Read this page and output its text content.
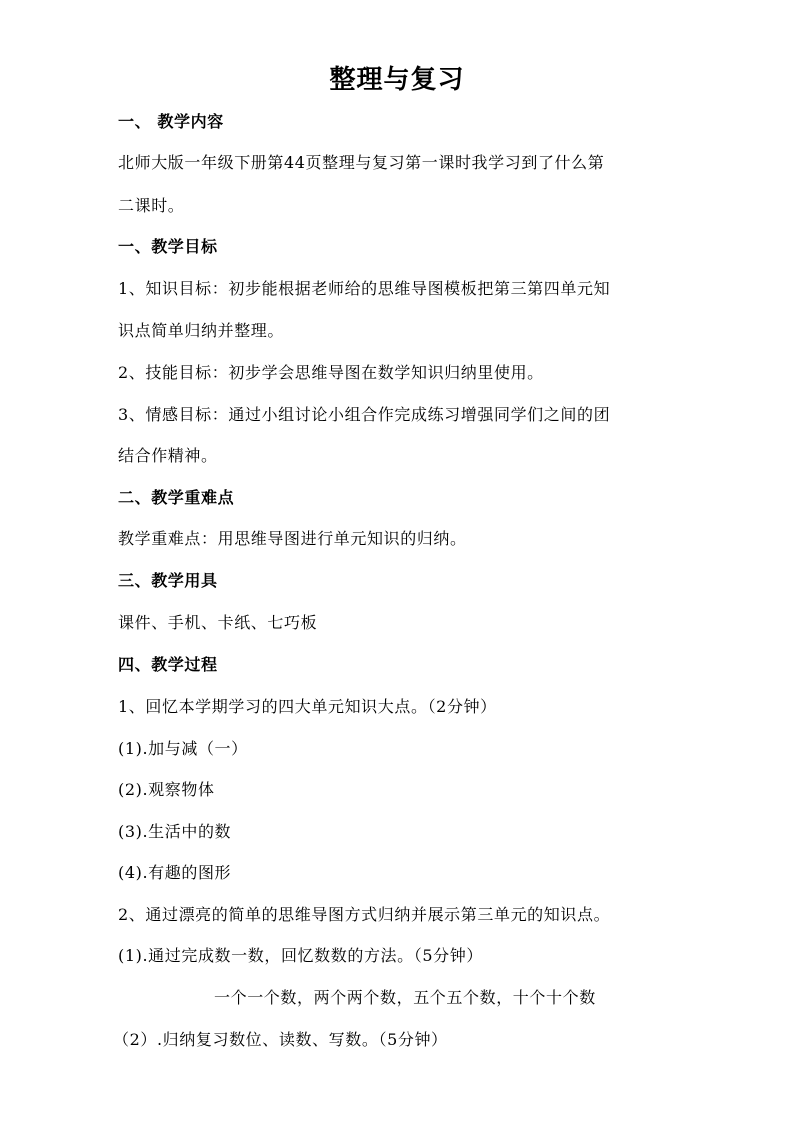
整理与复习
一、 教学内容
北师大版一年级下册第44页整理与复习第一课时我学习到了什么第
二课时。
一、教学目标
1、知识目标：初步能根据老师给的思维导图模板把第三第四单元知
识点简单归纳并整理。
2、技能目标：初步学会思维导图在数学知识归纳里使用。
3、情感目标：通过小组讨论小组合作完成练习增强同学们之间的团
结合作精神。
二、教学重难点
教学重难点：用思维导图进行单元知识的归纳。
三、教学用具
课件、手机、卡纸、七巧板
四、教学过程
1、回忆本学期学习的四大单元知识大点。（2分钟）
(1).加与减（一）
(2).观察物体
(3).生活中的数
(4).有趣的图形
2、通过漂亮的简单的思维导图方式归纳并展示第三单元的知识点。
(1).通过完成数一数，回忆数数的方法。（5分钟）
一个一个数，两个两个数，五个五个数，十个十个数
（2）.归纳复习数位、读数、写数。（5分钟）
